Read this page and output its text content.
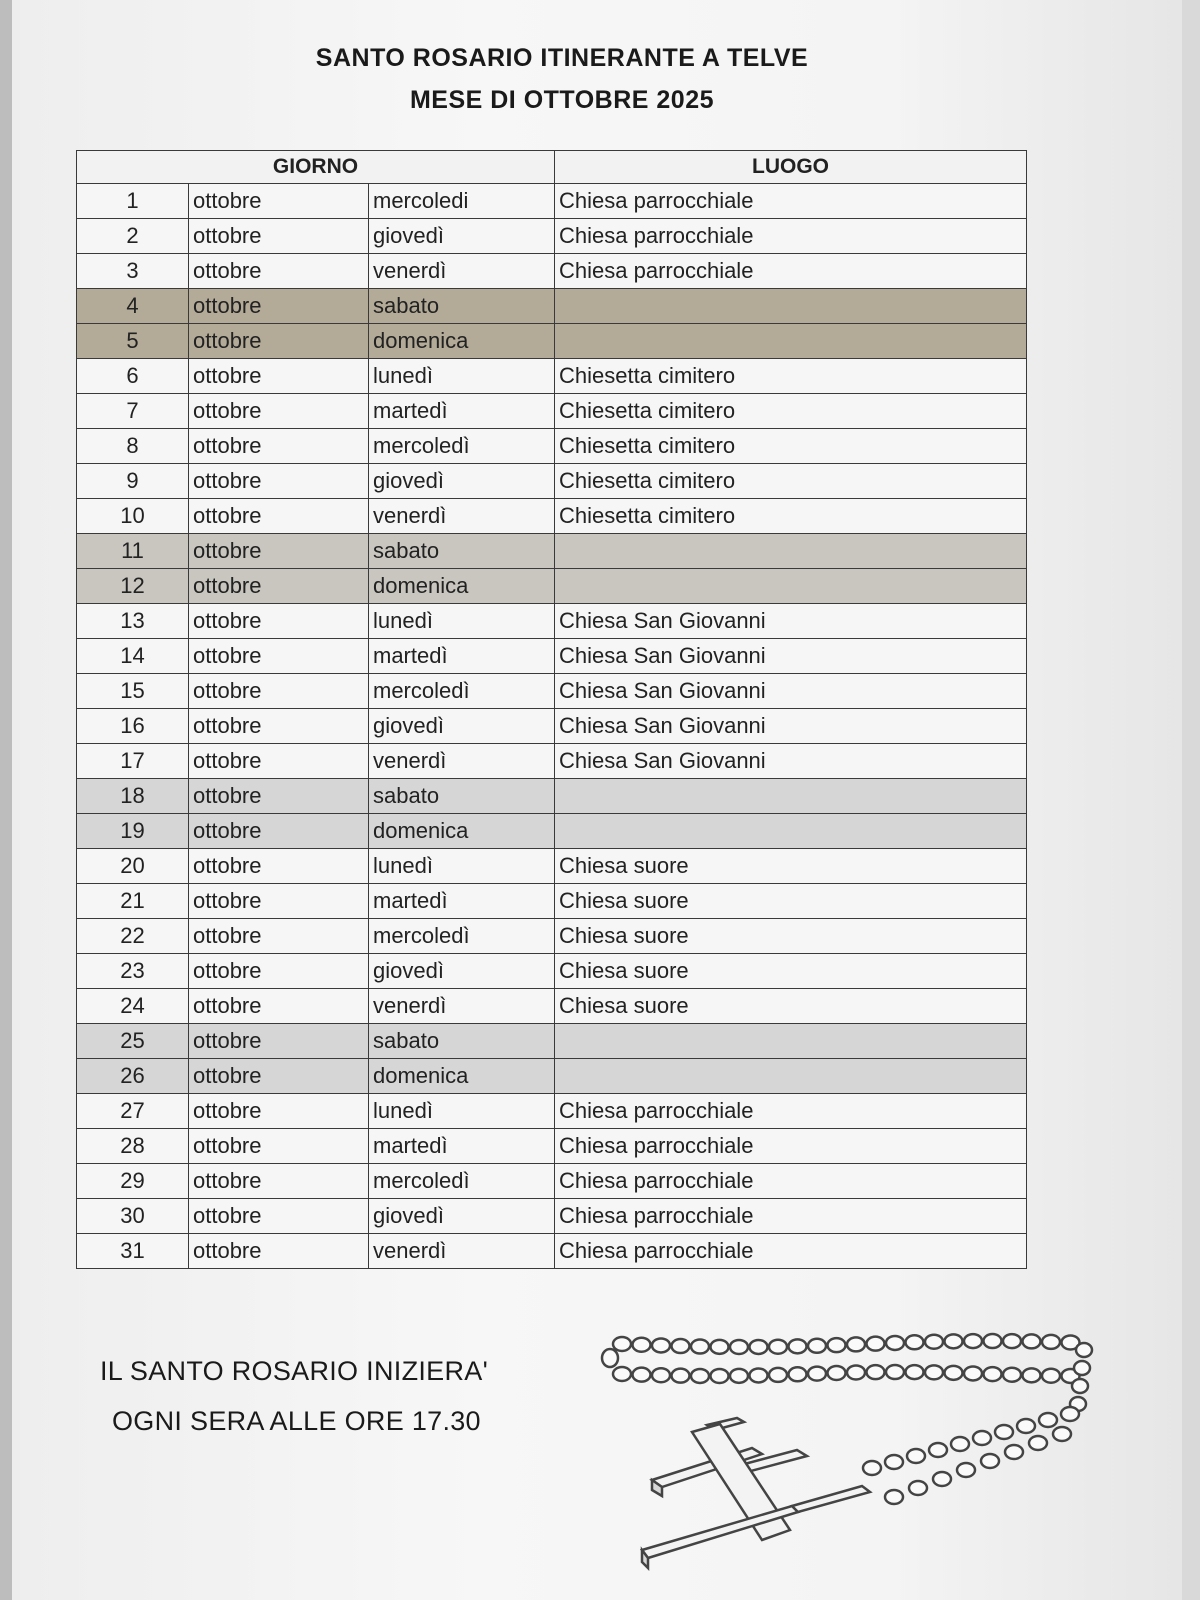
SANTO ROSARIO ITINERANTE A TELVE
MESE DI OTTOBRE 2025
GIORNO			LUOGO
1	ottobre	mercoledi	Chiesa parrocchiale
2	ottobre	giovedì	Chiesa parrocchiale
3	ottobre	venerdì	Chiesa parrocchiale
4	ottobre	sabato	
5	ottobre	domenica	
6	ottobre	lunedì	Chiesetta cimitero
7	ottobre	martedì	Chiesetta cimitero
8	ottobre	mercoledì	Chiesetta cimitero
9	ottobre	giovedì	Chiesetta cimitero
10	ottobre	venerdì	Chiesetta cimitero
11	ottobre	sabato	
12	ottobre	domenica	
13	ottobre	lunedì	Chiesa San Giovanni
14	ottobre	martedì	Chiesa San Giovanni
15	ottobre	mercoledì	Chiesa San Giovanni
16	ottobre	giovedì	Chiesa San Giovanni
17	ottobre	venerdì	Chiesa San Giovanni
18	ottobre	sabato	
19	ottobre	domenica	
20	ottobre	lunedì	Chiesa suore
21	ottobre	martedì	Chiesa suore
22	ottobre	mercoledì	Chiesa suore
23	ottobre	giovedì	Chiesa suore
24	ottobre	venerdì	Chiesa suore
25	ottobre	sabato	
26	ottobre	domenica	
27	ottobre	lunedì	Chiesa parrocchiale
28	ottobre	martedì	Chiesa parrocchiale
29	ottobre	mercoledì	Chiesa parrocchiale
30	ottobre	giovedì	Chiesa parrocchiale
31	ottobre	venerdì	Chiesa parrocchiale
IL SANTO ROSARIO INIZIERA'
OGNI SERA ALLE ORE 17.30
